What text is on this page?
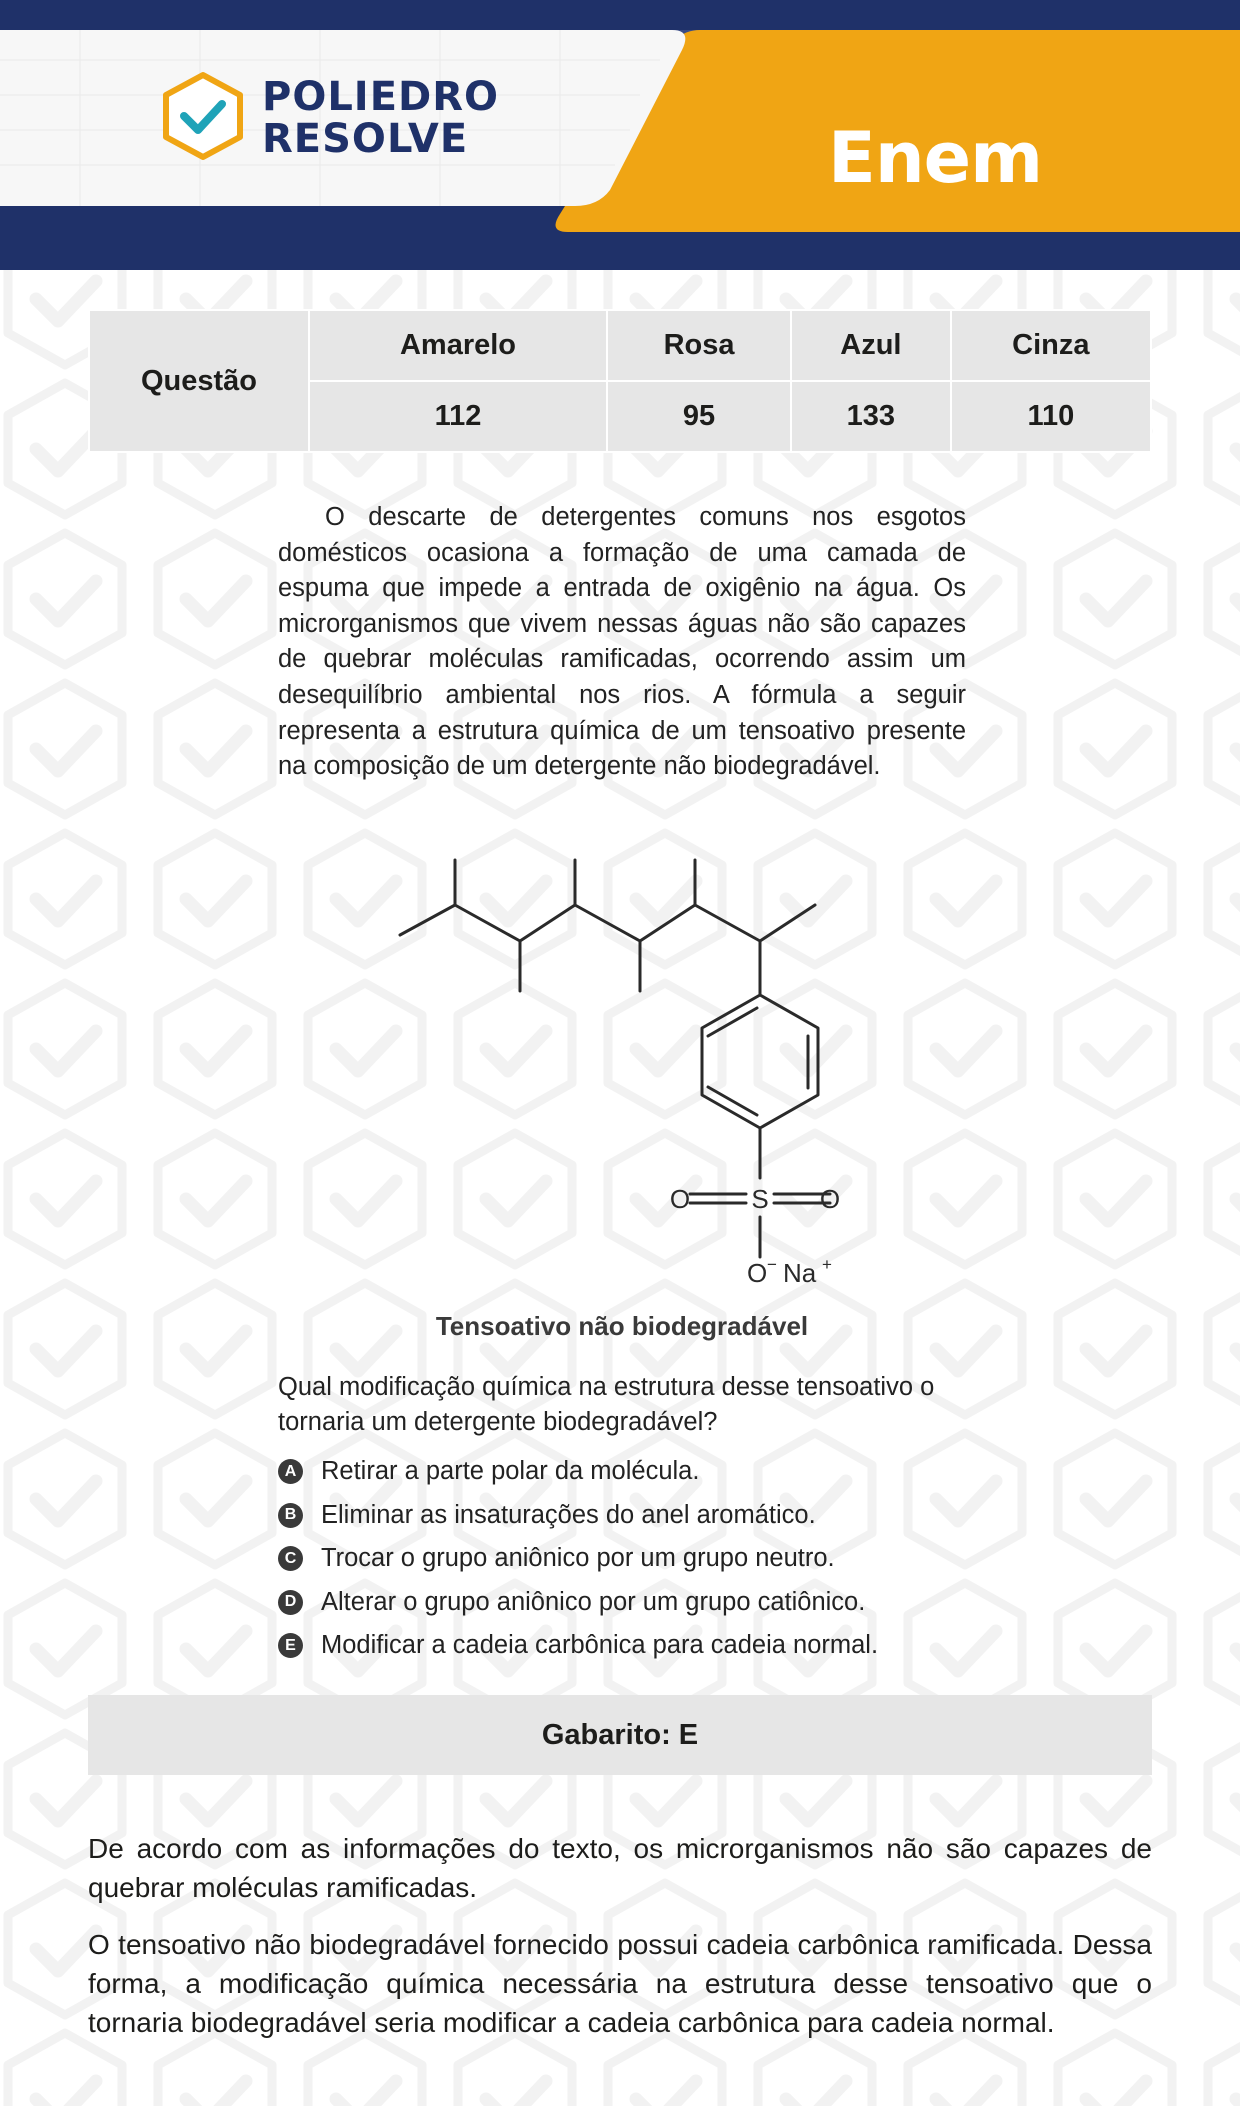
POLIEDRO
RESOLVE	Enem
Questão	Amarelo	Rosa	Azul	Cinza
	112	95	133	110
O descarte de detergentes comuns nos esgotos domésticos ocasiona a formação de uma camada de espuma que impede a entrada de oxigênio na água. Os microrganismos que vivem nessas águas não são capazes de quebrar moléculas ramificadas, ocorrendo assim um desequilíbrio ambiental nos rios. A fórmula a seguir representa a estrutura química de um tensoativo presente na composição de um detergente não biodegradável.
S
O	O
O − Na +
Tensoativo não biodegradável
Qual modificação química na estrutura desse tensoativo o tornaria um detergente biodegradável?
A Retirar a parte polar da molécula.
B Eliminar as insaturações do anel aromático.
C Trocar o grupo aniônico por um grupo neutro.
D Alterar o grupo aniônico por um grupo catiônico.
E Modificar a cadeia carbônica para cadeia normal.
Gabarito: E
De acordo com as informações do texto, os microrganismos não são capazes de quebrar moléculas ramificadas.
O tensoativo não biodegradável fornecido possui cadeia carbônica ramificada. Dessa forma, a modificação química necessária na estrutura desse tensoativo que o tornaria biodegradável seria modificar a cadeia carbônica para cadeia normal.
